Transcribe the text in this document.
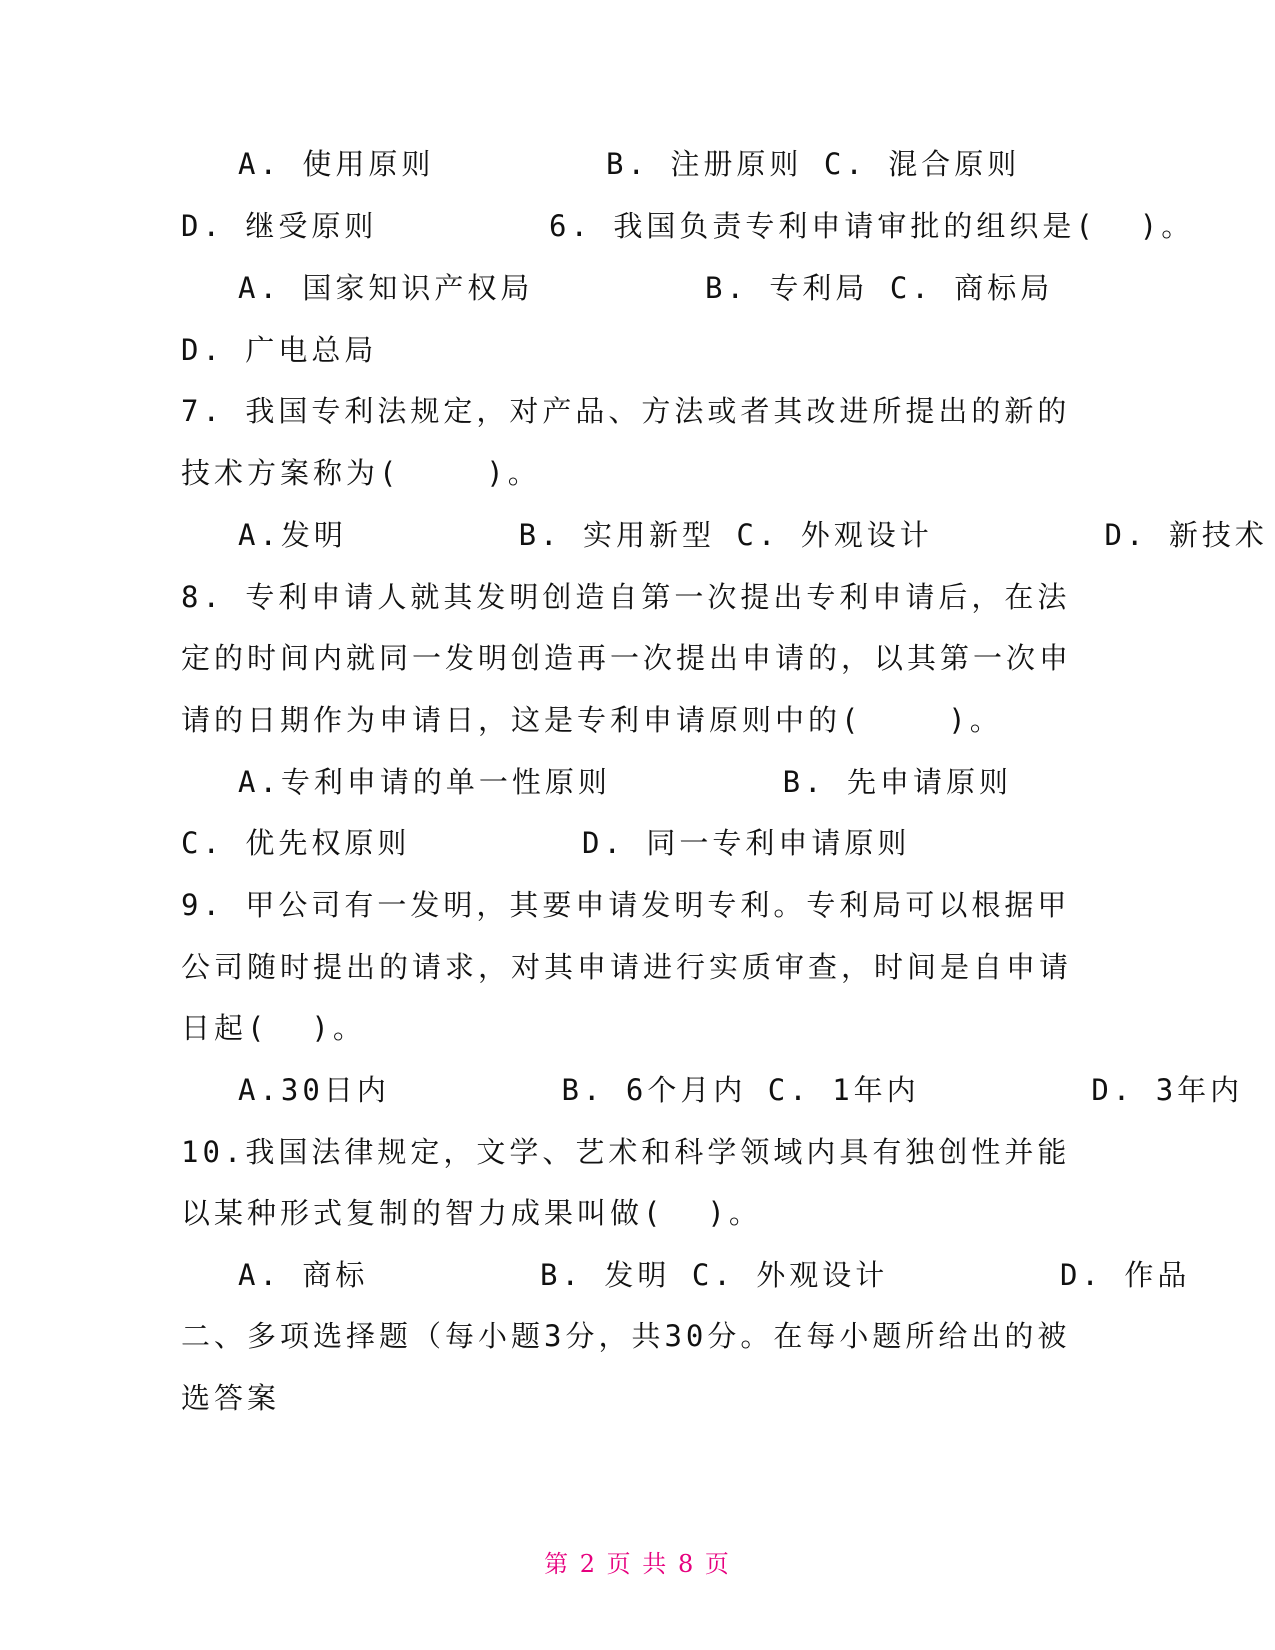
A. 使用原则        B. 注册原则 C. 混合原则
D. 继受原则        6. 我国负责专利申请审批的组织是(  )。
A. 国家知识产权局        B. 专利局 C. 商标局
D. 广电总局
7. 我国专利法规定，对产品、方法或者其改进所提出的新的
技术方案称为(    )。
A.发明        B. 实用新型 C. 外观设计        D. 新技术
8. 专利申请人就其发明创造自第一次提出专利申请后，在法
定的时间内就同一发明创造再一次提出申请的，以其第一次申
请的日期作为申请日，这是专利申请原则中的(    )。
A.专利申请的单一性原则        B. 先申请原则
C. 优先权原则        D. 同一专利申请原则
9. 甲公司有一发明，其要申请发明专利。专利局可以根据甲
公司随时提出的请求，对其申请进行实质审查，时间是自申请
日起(  )。
A.30日内        B. 6个月内 C. 1年内        D. 3年内
10.我国法律规定，文学、艺术和科学领域内具有独创性并能
以某种形式复制的智力成果叫做(  )。
A. 商标        B. 发明 C. 外观设计        D. 作品
二、多项选择题（每小题3分，共30分。在每小题所给出的被
选答案
第 2 页 共 8 页
